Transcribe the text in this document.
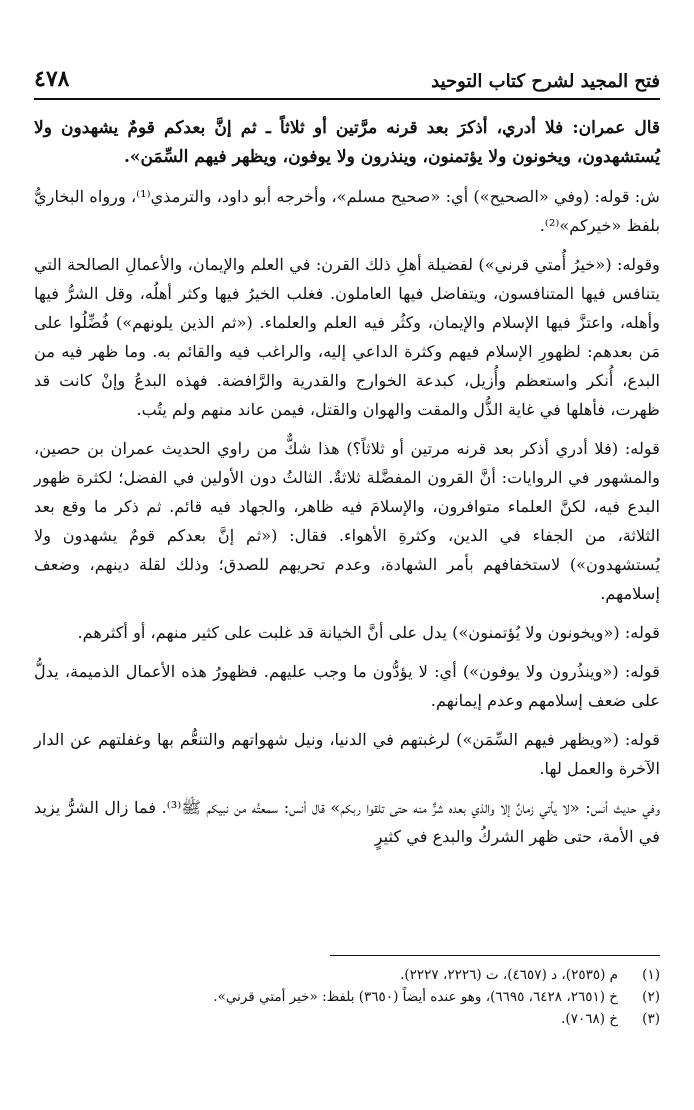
فتح المجيد لشرح كتاب التوحيد
٤٧٨

قال عمران: فلا أدري، أذكرَ بعد قرنه مرَّتين أو ثلاثاً ـ ثم إنَّ بعدكم قومٌ يشهدون ولا يُستشهدون، ويخونون ولا يؤتمنون، وينذرون ولا يوفون، ويظهر فيهم السِّمَن».

ش: قوله: (وفي «الصحيح») أي: «صحيح مسلم»، وأخرجه أبو داود، والترمذي⁽¹⁾، ورواه البخاريُّ بلفظ «خيركم»⁽²⁾.

وقوله: («خيرُ أُمتي قرني») لفضيلة أهلِ ذلك القرن: في العلم والإيمان، والأعمالِ الصالحة التي يتنافس فيها المتنافسون، ويتفاضل فيها العاملون. فغلب الخيرُ فيها وكثر أهلُه، وقل الشرُّ فيها وأهله، واعتزَّ فيها الإسلام والإيمان، وكثُر فيه العلم والعلماء. («ثم الذين يلونهم») فُضِّلُوا على مَن بعدهم: لظهورِ الإسلام فيهم وكثرة الداعي إليه، والراغب فيه والقائم به. وما ظهر فيه من البدع، أُنكر واستعظم وأُزيل، كبدعة الخوارج والقدرية والرَّافضة. فهذه البدعُ وإنْ كانت قد ظهرت، فأهلها في غاية الذُّل والمقت والهوان والقتل، فيمن عاند منهم ولم يتُب.

قوله: (فلا أدري أذكر بعد قرنه مرتين أو ثلاثاً؟) هذا شكٌّ من راوي الحديث عمران بن حصين، والمشهور في الروايات: أنَّ القرون المفضَّلة ثلاثةٌ. الثالثُ دون الأولين في الفضل؛ لكثرة ظهور البدع فيه، لكنَّ العلماء متوافرون، والإسلامَ فيه ظاهر، والجهاد فيه قائم. ثم ذكر ما وقع بعد الثلاثة، من الجفاء في الدين، وكثرةِ الأهواء. فقال: («ثم إنَّ بعدكم قومٌ يشهدون ولا يُستشهدون») لاستخفافهم بأمر الشهادة، وعدم تحريهم للصدق؛ وذلك لقلة دينهم، وضعف إسلامهم.

قوله: («ويخونون ولا يُؤتمنون») يدل على أنَّ الخيانة قد غلبت على كثير منهم، أو أكثرهم.

قوله: («وينذُرون ولا يوفون») أي: لا يؤدُّون ما وجب عليهم. فظهورُ هذه الأعمال الذميمة، يدلُّ على ضعف إسلامهم وعدم إيمانهم.

قوله: («ويظهر فيهم السِّمَن») لرغبتهم في الدنيا، ونيل شهواتهم والتنعُّم بها وغفلتهم عن الدار الآخرة والعمل لها.

وفي حديث أنس: «لا يأتي زمانٌ إلا والذي بعده شرٌّ منه حتى تلقوا ربكم» قال أنس: سمعتُه من نبيكم ﷺ⁽³⁾. فما زال الشرُّ يزيد في الأمة، حتى ظهر الشركُ والبدع في كثيرٍ

(١)
م (٢٥٣٥)، د (٤٦٥٧)، ت (٢٢٢٦، ٢٢٢٧).
(٢)
خ (٢٦٥١، ٦٤٢٨، ٦٦٩٥)، وهو عنده أيضاً (٣٦٥٠) بلفظ: «خير أمتي قرني».
(٣)
خ (٧٠٦٨).
